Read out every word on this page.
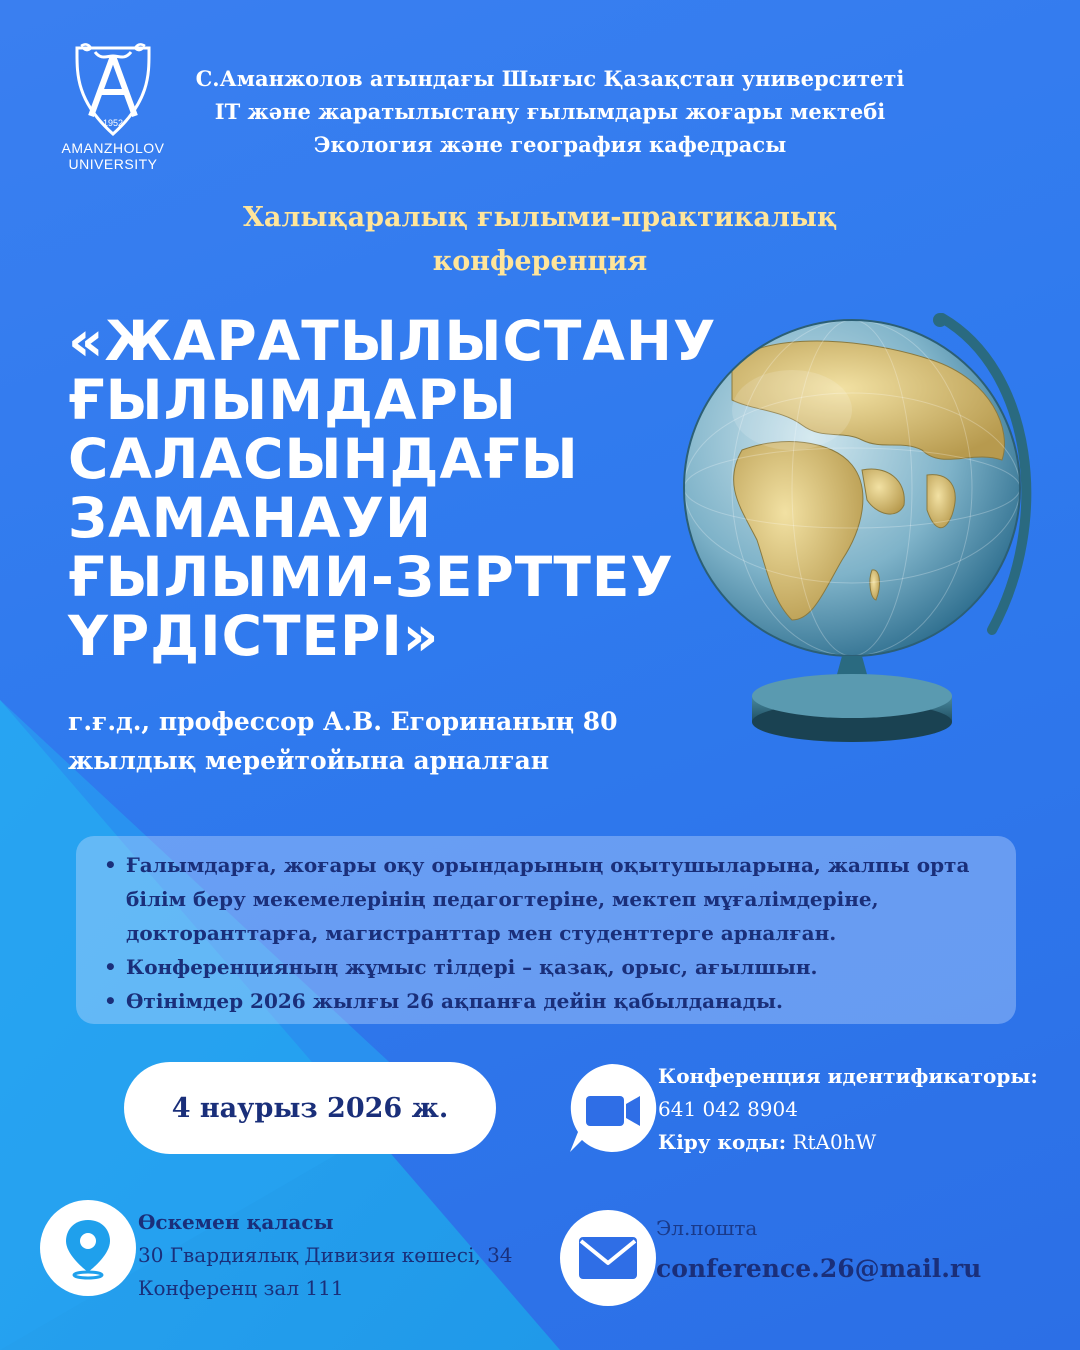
1952
AMANZHOLOV
UNIVERSITY
С.Аманжолов атындағы Шығыс Қазақстан университеті
IT және жаратылыстану ғылымдары жоғары мектебі
Экология және география кафедрасы
Халықаралық ғылыми-практикалық
конференция
«ЖАРАТЫЛЫСТАНУ
ҒЫЛЫМДАРЫ
САЛАСЫНДАҒЫ
ЗАМАНАУИ
ҒЫЛЫМИ-ЗЕРТТЕУ
ҮРДІСТЕРІ»
г.ғ.д., профессор А.В. Егоринаның 80
жылдық мерейтойына арналған
• Ғалымдарға, жоғары оқу орындарының оқытушыларына, жалпы орта білім беру мекемелерінің педагогтеріне, мектеп мұғалімдеріне, докторанттарға, магистранттар мен студенттерге арналған.
• Конференцияның жұмыс тілдері – қазақ, орыс, ағылшын.
• Өтінімдер 2026 жылғы 26 ақпанға дейін қабылданады.
4 наурыз 2026 ж.
Конференция идентификаторы:
641 042 8904
Кіру коды: RtA0hW
Өскемен қаласы
30 Гвардиялық Дивизия көшесі, 34
Конференц зал 111
Эл.пошта
conference.26@mail.ru
